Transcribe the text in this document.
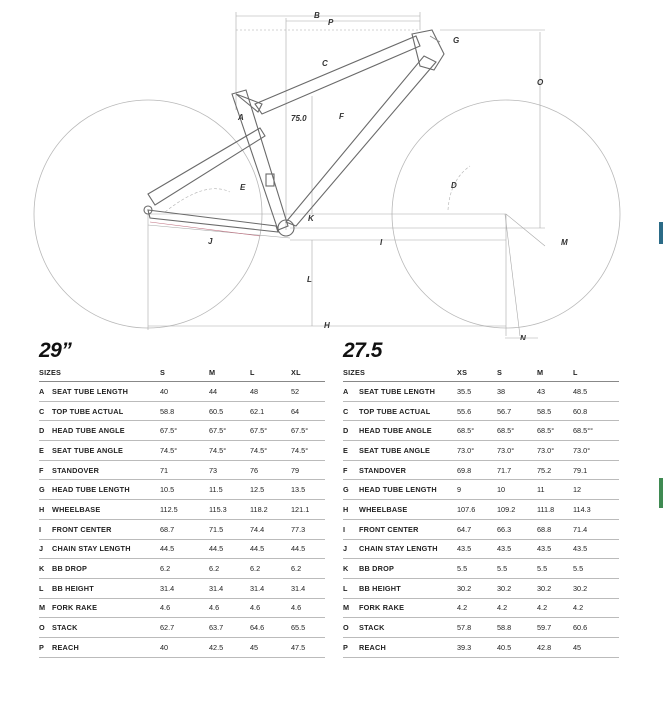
B
P
C
G
O
A	75.0	F
E	D
K
J	I	M
L
H
N
29”
SIZES		S	M	L	XL
A	SEAT TUBE LENGTH	40	44	48	52
C	TOP TUBE ACTUAL	58.8	60.5	62.1	64
D	HEAD TUBE ANGLE	67.5°	67.5°	67.5°	67.5°
E	SEAT TUBE ANGLE	74.5°	74.5°	74.5°	74.5°
F	STANDOVER	71	73	76	79
G	HEAD TUBE LENGTH	10.5	11.5	12.5	13.5
H	WHEELBASE	112.5	115.3	118.2	121.1
I	FRONT CENTER	68.7	71.5	74.4	77.3
J	CHAIN STAY LENGTH	44.5	44.5	44.5	44.5
K	BB DROP	6.2	6.2	6.2	6.2
L	BB HEIGHT	31.4	31.4	31.4	31.4
M	FORK RAKE	4.6	4.6	4.6	4.6
O	STACK	62.7	63.7	64.6	65.5
P	REACH	40	42.5	45	47.5
27.5
SIZES		XS	S	M	L
A	SEAT TUBE LENGTH	35.5	38	43	48.5
C	TOP TUBE ACTUAL	55.6	56.7	58.5	60.8
D	HEAD TUBE ANGLE	68.5°	68.5°	68.5°	68.5°°
E	SEAT TUBE ANGLE	73.0°	73.0°	73.0°	73.0°
F	STANDOVER	69.8	71.7	75.2	79.1
G	HEAD TUBE LENGTH	9	10	11	12
H	WHEELBASE	107.6	109.2	111.8	114.3
I	FRONT CENTER	64.7	66.3	68.8	71.4
J	CHAIN STAY LENGTH	43.5	43.5	43.5	43.5
K	BB DROP	5.5	5.5	5.5	5.5
L	BB HEIGHT	30.2	30.2	30.2	30.2
M	FORK RAKE	4.2	4.2	4.2	4.2
O	STACK	57.8	58.8	59.7	60.6
P	REACH	39.3	40.5	42.8	45
